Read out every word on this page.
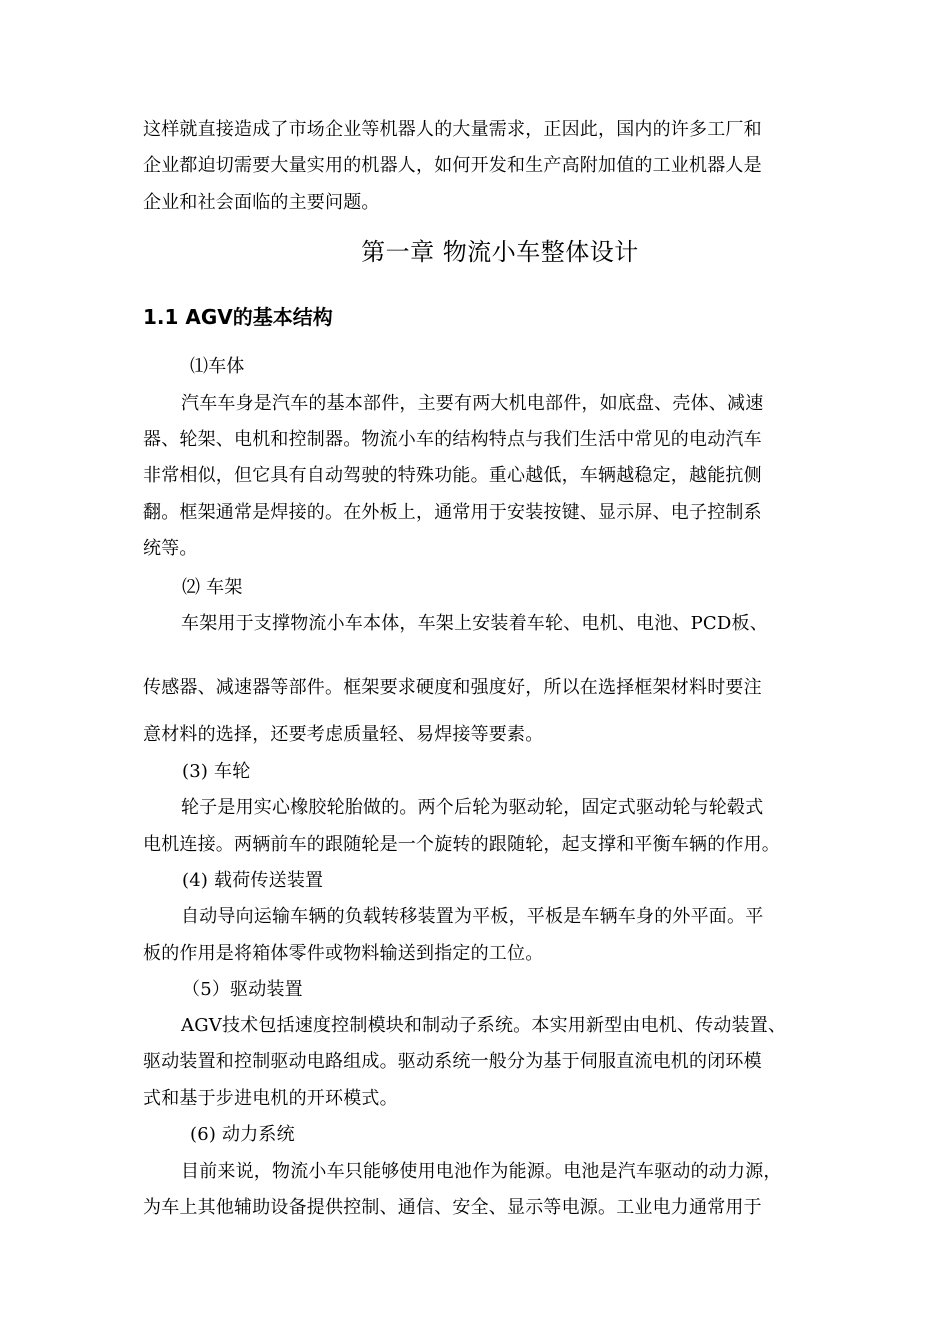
这样就直接造成了市场企业等机器人的大量需求，正因此，国内的许多工厂和
企业都迫切需要大量实用的机器人，如何开发和生产高附加值的工业机器人是
企业和社会面临的主要问题。
第一章 物流小车整体设计
1.1 AGV的基本结构
⑴车体
汽车车身是汽车的基本部件，主要有两大机电部件，如底盘、壳体、减速
器、轮架、电机和控制器。物流小车的结构特点与我们生活中常见的电动汽车
非常相似，但它具有自动驾驶的特殊功能。重心越低，车辆越稳定，越能抗侧
翻。框架通常是焊接的。在外板上，通常用于安装按键、显示屏、电子控制系
统等。
⑵ 车架
车架用于支撑物流小车本体，车架上安装着车轮、电机、电池、PCD板、
传感器、减速器等部件。框架要求硬度和强度好，所以在选择框架材料时要注
意材料的选择，还要考虑质量轻、易焊接等要素。
(3) 车轮
轮子是用实心橡胶轮胎做的。两个后轮为驱动轮，固定式驱动轮与轮毂式
电机连接。两辆前车的跟随轮是一个旋转的跟随轮，起支撑和平衡车辆的作用。
(4) 载荷传送装置
自动导向运输车辆的负载转移装置为平板，平板是车辆车身的外平面。平
板的作用是将箱体零件或物料输送到指定的工位。
（5）驱动装置
AGV技术包括速度控制模块和制动子系统。本实用新型由电机、传动装置、
驱动装置和控制驱动电路组成。驱动系统一般分为基于伺服直流电机的闭环模
式和基于步进电机的开环模式。
(6) 动力系统
目前来说，物流小车只能够使用电池作为能源。电池是汽车驱动的动力源，
为车上其他辅助设备提供控制、通信、安全、显示等电源。工业电力通常用于
